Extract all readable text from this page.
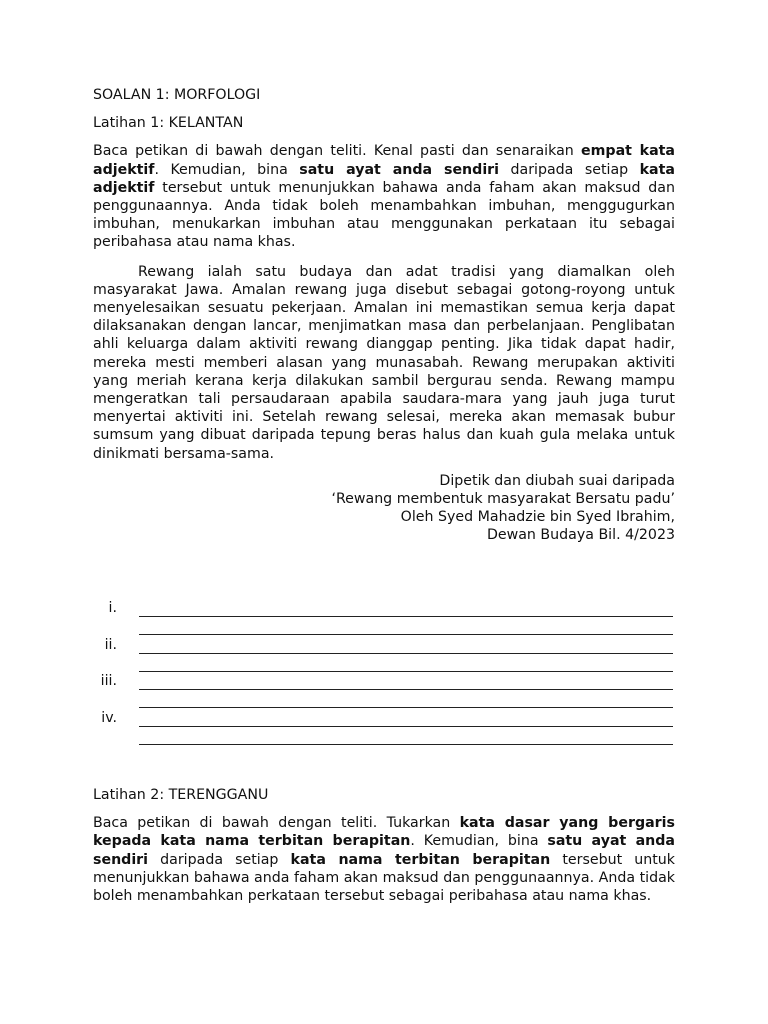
SOALAN 1: MORFOLOGI
Latihan 1: KELANTAN

Baca petikan di bawah dengan teliti. Kenal pasti dan senaraikan empat kata adjektif. Kemudian, bina satu ayat anda sendiri daripada setiap kata adjektif tersebut untuk menunjukkan bahawa anda faham akan maksud dan penggunaannya. Anda tidak boleh menambahkan imbuhan, menggugurkan imbuhan, menukarkan imbuhan atau menggunakan perkataan itu sebagai peribahasa atau nama khas.

Rewang ialah satu budaya dan adat tradisi yang diamalkan oleh masyarakat Jawa. Amalan rewang juga disebut sebagai gotong-royong untuk menyelesaikan sesuatu pekerjaan. Amalan ini memastikan semua kerja dapat dilaksanakan dengan lancar, menjimatkan masa dan perbelanjaan. Penglibatan ahli keluarga dalam aktiviti rewang dianggap penting. Jika tidak dapat hadir, mereka mesti memberi alasan yang munasabah. Rewang merupakan aktiviti yang meriah kerana kerja dilakukan sambil bergurau senda. Rewang mampu mengeratkan tali persaudaraan apabila saudara-mara yang jauh juga turut menyertai aktiviti ini. Setelah rewang selesai, mereka akan memasak bubur sumsum yang dibuat daripada tepung beras halus dan kuah gula melaka untuk dinikmati bersama-sama.

Dipetik dan diubah suai daripada
‘Rewang membentuk masyarakat Bersatu padu’
Oleh Syed Mahadzie bin Syed Ibrahim,
Dewan Budaya Bil. 4/2023
i.
ii.
iii.
iv.
Latihan 2: TERENGGANU

Baca petikan di bawah dengan teliti. Tukarkan kata dasar yang bergaris kepada kata nama terbitan berapitan. Kemudian, bina satu ayat anda sendiri daripada setiap kata nama terbitan berapitan tersebut untuk menunjukkan bahawa anda faham akan maksud dan penggunaannya. Anda tidak boleh menambahkan perkataan tersebut sebagai peribahasa atau nama khas.
